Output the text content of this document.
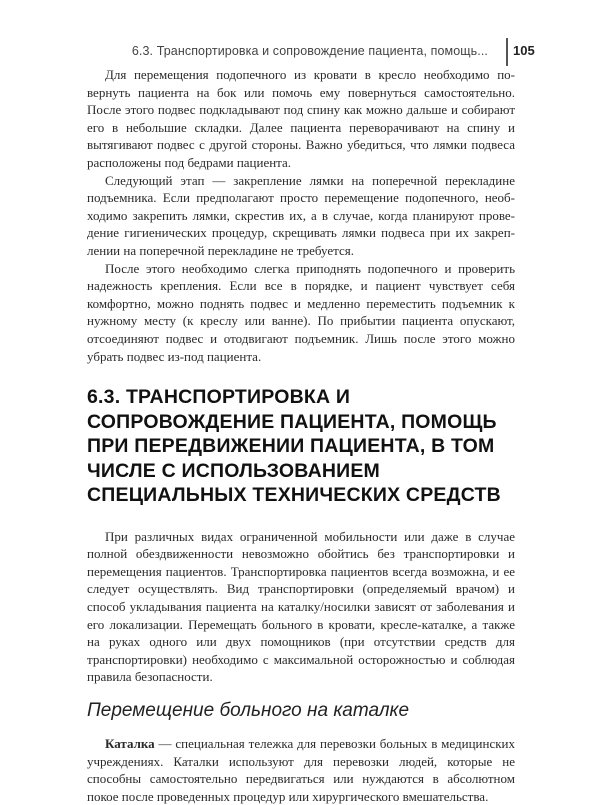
6.3. Транспортировка и сопровождение пациента, помощь... 105

Для перемещения подопечного из кровати в кресло необходимо повернуть пациента на бок или помочь ему повернуться самостоятельно. После этого подвес подкладывают под спину как можно дальше и собирают его в небольшие складки. Далее пациента переворачивают на спину и вытягивают подвес с другой стороны. Важно убедиться, что лямки подвеса расположены под бедрами пациента.

Следующий этап — закрепление лямки на поперечной перекладине подъемника. Если предполагают просто перемещение подопечного, необходимо закрепить лямки, скрестив их, а в случае, когда планируют проведение гигиенических процедур, скрещивать лямки подвеса при их закреплении на поперечной перекладине не требуется.

После этого необходимо слегка приподнять подопечного и проверить надежность крепления. Если все в порядке, и пациент чувствует себя комфортно, можно поднять подвес и медленно переместить подъемник к нужному месту (к креслу или ванне). По прибытии пациента опускают, отсоединяют подвес и отодвигают подъемник. Лишь после этого можно убрать подвес из-под пациента.

6.3. ТРАНСПОРТИРОВКА И СОПРОВОЖДЕНИЕ ПАЦИЕНТА, ПОМОЩЬ ПРИ ПЕРЕДВИЖЕНИИ ПАЦИЕНТА, В ТОМ ЧИСЛЕ С ИСПОЛЬЗОВАНИЕМ СПЕЦИАЛЬНЫХ ТЕХНИЧЕСКИХ СРЕДСТВ

При различных видах ограниченной мобильности или даже в случае полной обездвиженности невозможно обойтись без транспортировки и перемещения пациентов. Транспортировка пациентов всегда возможна, и ее следует осуществлять. Вид транспортировки (определяемый врачом) и способ укладывания пациента на каталку/носилки зависят от заболевания и его локализации. Перемещать больного в кровати, кресле-каталке, а также на руках одного или двух помощников (при отсутствии средств для транспортировки) необходимо с максимальной осторожностью и соблюдая правила безопасности.

Перемещение больного на каталке

Каталка — специальная тележка для перевозки больных в медицинских учреждениях. Каталки используют для перевозки людей, которые не способны самостоятельно передвигаться или нуждаются в абсолютном покое после проведенных процедур или хирургического вмешательства.
